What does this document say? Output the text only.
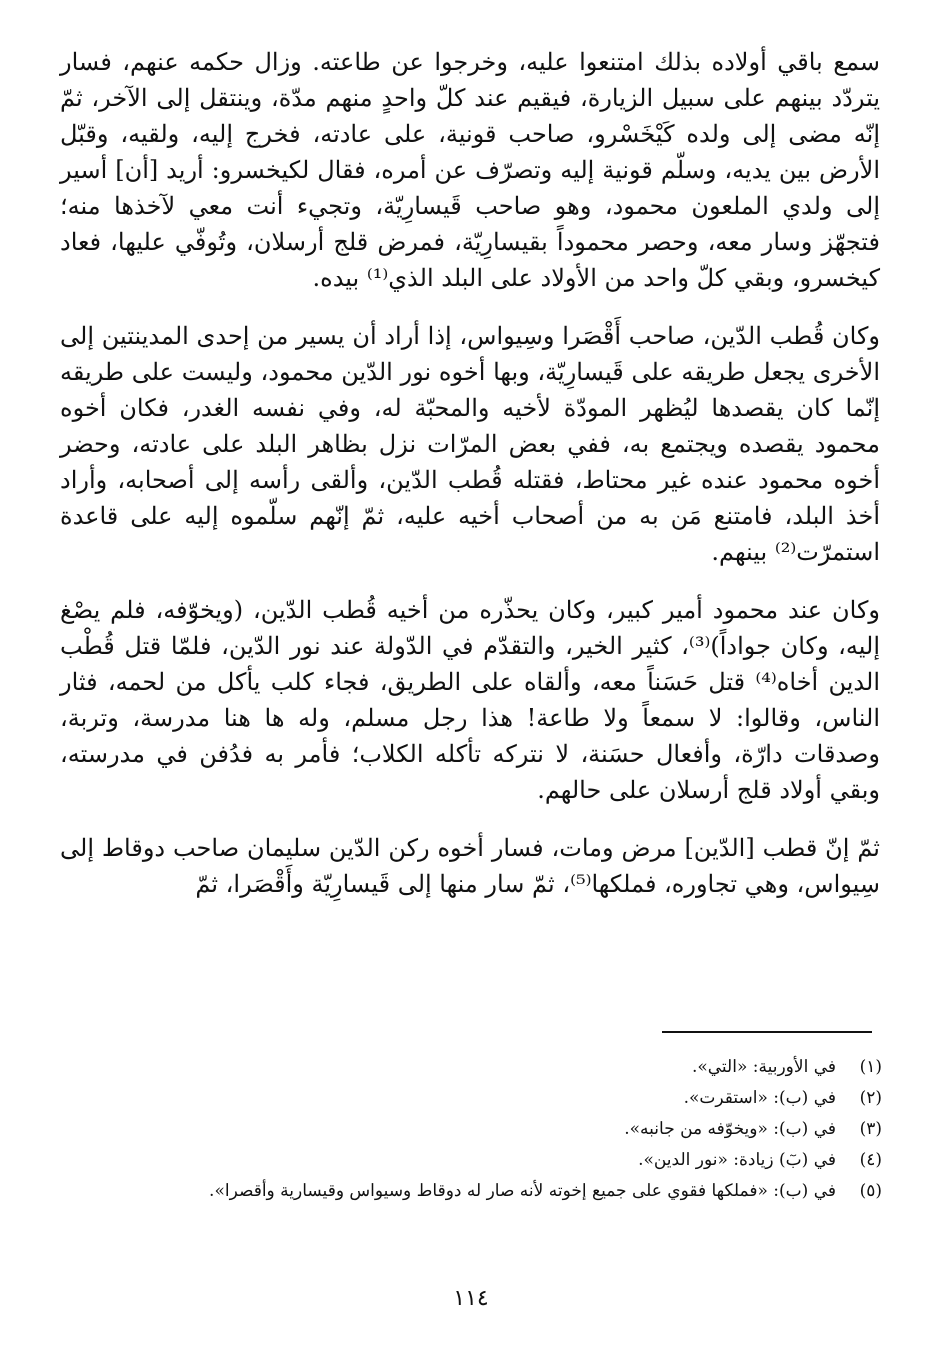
سمع باقي أولاده بذلك امتنعوا عليه، وخرجوا عن طاعته. وزال حكمه عنهم، فسار يتردّد بينهم على سبيل الزيارة، فيقيم عند كلّ واحدٍ منهم مدّة، وينتقل إلى الآخر، ثمّ إنّه مضى إلى ولده كَيْخَسْرو، صاحب قونية، على عادته، فخرج إليه، ولقيه، وقبّل الأرض بين يديه، وسلّم قونية إليه وتصرّف عن أمره، فقال لكيخسرو: أريد [أن] أسير إلى ولدي الملعون محمود، وهو صاحب قَيسارِيّة، وتجيء أنت معي لآخذها منه؛ فتجهّز وسار معه، وحصر محموداً بقيسارِيّة، فمرض قلج أرسلان، وتُوفّي عليها، فعاد كيخسرو، وبقي كلّ واحد من الأولاد على البلد الذي⁽¹⁾ بيده.

وكان قُطب الدّين، صاحب أَقْصَرا وسِيواس، إذا أراد أن يسير من إحدى المدينتين إلى الأخرى يجعل طريقه على قَيسارِيّة، وبها أخوه نور الدّين محمود، وليست على طريقه إنّما كان يقصدها ليُظهر المودّة لأخيه والمحبّة له، وفي نفسه الغدر، فكان أخوه محمود يقصده ويجتمع به، ففي بعض المرّات نزل بظاهر البلد على عادته، وحضر أخوه محمود عنده غير محتاط، فقتله قُطب الدّين، وألقى رأسه إلى أصحابه، وأراد أخذ البلد، فامتنع مَن به من أصحاب أخيه عليه، ثمّ إنّهم سلّموه إليه على قاعدة استمرّت⁽²⁾ بينهم.

وكان عند محمود أمير كبير، وكان يحذّره من أخيه قُطب الدّين، (ويخوّفه، فلم يصْغ إليه، وكان جواداً)⁽³⁾، كثير الخير، والتقدّم في الدّولة عند نور الدّين، فلمّا قتل قُطْب الدين أخاه⁽⁴⁾ قتل حَسَناً معه، وألقاه على الطريق، فجاء كلب يأكل من لحمه، فثار الناس، وقالوا: لا سمعاً ولا طاعة! هذا رجل مسلم، وله ها هنا مدرسة، وتربة، وصدقات دارّة، وأفعال حسَنة، لا نتركه تأكله الكلاب؛ فأمر به فدُفن في مدرسته، وبقي أولاد قلج أرسلان على حالهم.

ثمّ إنّ قطب [الدّين] مرض ومات، فسار أخوه ركن الدّين سليمان صاحب دوقاط إلى سِيواس، وهي تجاوره، فملكها⁽⁵⁾، ثمّ سار منها إلى قَيسارِيّة وأَقْصَرا، ثمّ

(١)
في الأوربية: «التي».
(٢)
في (ب): «استقرت».
(٣)
في (ب): «ويخوّفه من جانبه».
(٤)
في (بٓ) زيادة: «نور الدين».
(٥)
في (ب): «فملكها فقوي على جميع إخوته لأنه صار له دوقاط وسيواس وقيسارية وأقصرا».
١١٤
